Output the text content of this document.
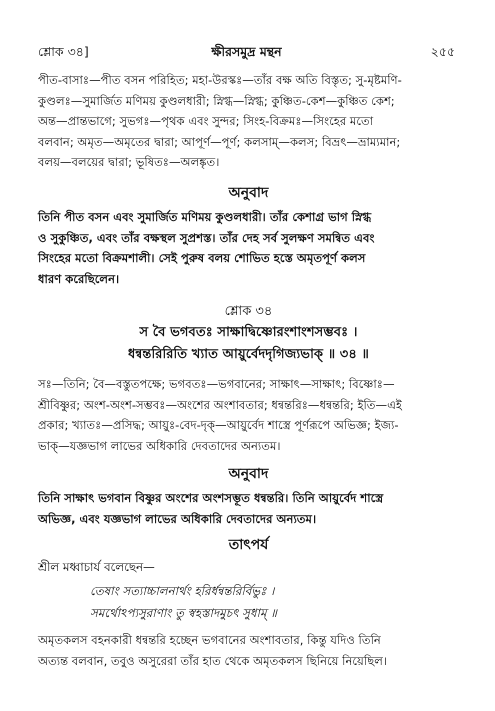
শ্লোক ৩৪]	ক্ষীরসমুদ্র মন্থন	২৫৫
পীত-বাসাঃ—পীত বসন পরিহিত; মহা-উরস্কঃ—তাঁর বক্ষ অতি বিস্তৃত; সু-মৃষ্টমণি-
কুণ্ডলঃ—সুমার্জিত মণিময় কুণ্ডলধারী; স্নিগ্ধ—স্নিগ্ধ; কুঞ্চিত-কেশ—কুঞ্চিত কেশ;
অন্ত—প্রান্তভাগে; সুভগঃ—পৃথক এবং সুন্দর; সিংহ-বিক্রমঃ—সিংহের মতো
বলবান; অমৃত—অমৃতের দ্বারা; আপূর্ণ—পূর্ণ; কলসাম্—কলস; বিভ্রৎ—ভ্রাম্যমান;
বলয়—বলয়ের দ্বারা; ভূষিতঃ—অলঙ্কৃত।
অনুবাদ
তিনি পীত বসন এবং সুমার্জিত মণিময় কুণ্ডলধারী। তাঁর কেশাগ্র ভাগ স্নিগ্ধ
ও সুকুঞ্চিত, এবং তাঁর বক্ষস্থল সুপ্রশস্ত। তাঁর দেহ সর্ব সুলক্ষণ সমন্বিত এবং
সিংহের মতো বিক্রমশালী। সেই পুরুষ বলয় শোভিত হস্তে অমৃতপূর্ণ কলস
ধারণ করেছিলেন।
শ্লোক ৩৪
স বৈ ভগবতঃ সাক্ষাদ্বিষ্ণোরংশাংশসম্ভবঃ ।
ধন্বন্তরিরিতি খ্যাত আয়ুর্বেদদৃগিজ্যভাক্ ॥ ৩৪ ॥
সঃ—তিনি; বৈ—বস্তুতপক্ষে; ভগবতঃ—ভগবানের; সাক্ষাৎ—সাক্ষাৎ; বিষ্ণোঃ—
শ্রীবিষ্ণুর; অংশ-অংশ-সম্ভবঃ—অংশের অংশাবতার; ধন্বন্তরিঃ—ধন্বন্তরি; ইতি—এই
প্রকার; খ্যাতঃ—প্রসিদ্ধ; আয়ুঃ-বেদ-দৃক্—আয়ুর্বেদ শাস্ত্রে পূর্ণরূপে অভিজ্ঞ; ইজ্য-
ভাক্—যজ্ঞভাগ লাভের অধিকারি দেবতাদের অন্যতম।
অনুবাদ
তিনি সাক্ষাৎ ভগবান বিষ্ণুর অংশের অংশসম্ভূত ধন্বন্তরি। তিনি আয়ুর্বেদ শাস্ত্রে
অভিজ্ঞ, এবং যজ্ঞভাগ লাভের অধিকারি দেবতাদের অন্যতম।
তাৎপর্য
শ্রীল মধ্বাচার্য বলেছেন—
তেষাং সত্যাচ্চালনার্থং হরির্ধন্বন্তরির্বিভুঃ ।
সমর্থোঽপ্যসুরাণাং তু স্বহস্তাদমুচৎ সুধাম্ ॥
অমৃতকলস বহনকারী ধন্বন্তরি হচ্ছেন ভগবানের অংশাবতার, কিন্তু যদিও তিনি
অত্যন্ত বলবান, তবুও অসুরেরা তাঁর হাত থেকে অমৃতকলস ছিনিয়ে নিয়েছিল।
